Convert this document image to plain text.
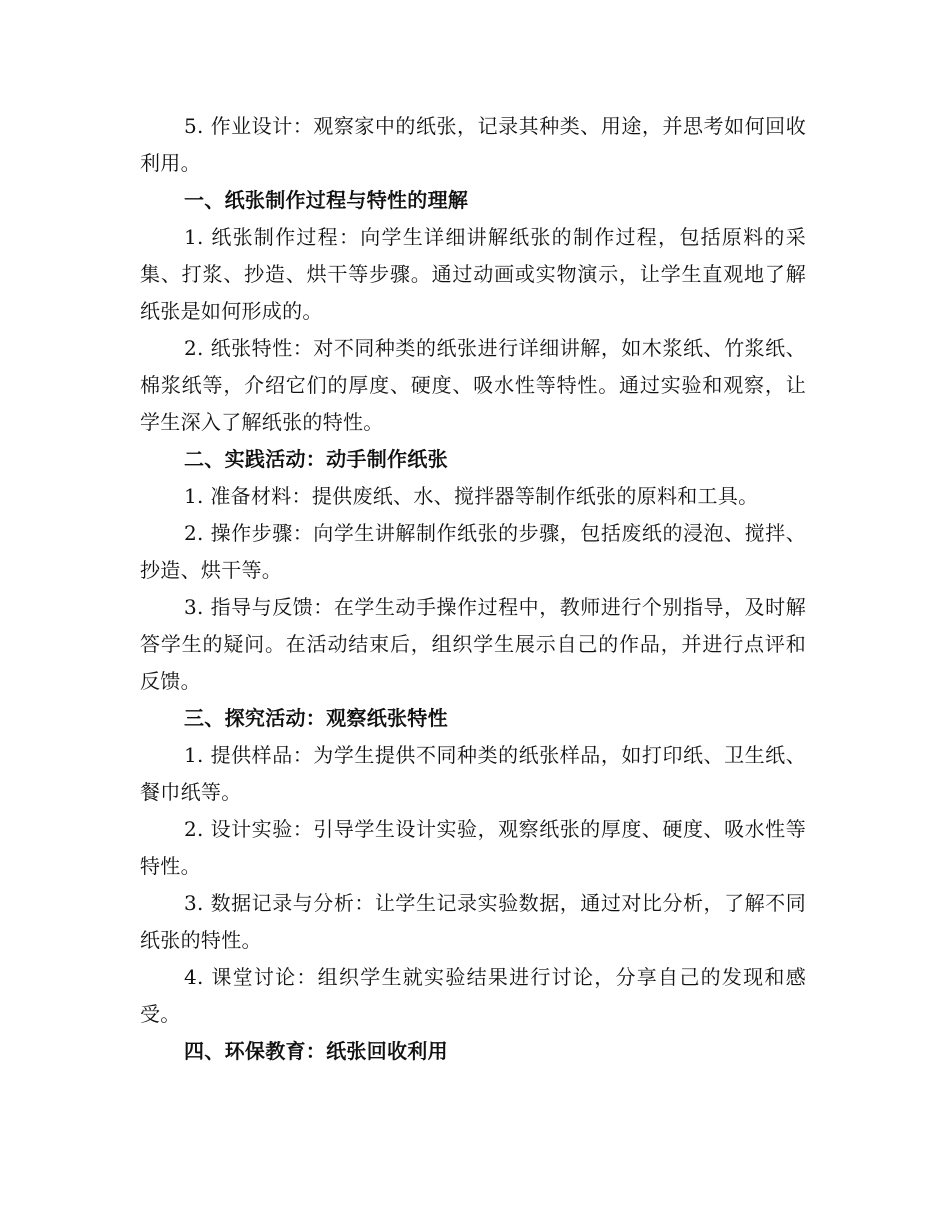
5. 作业设计：观察家中的纸张，记录其种类、用途，并思考如何回收利用。

一、纸张制作过程与特性的理解

1. 纸张制作过程：向学生详细讲解纸张的制作过程，包括原料的采集、打浆、抄造、烘干等步骤。通过动画或实物演示，让学生直观地了解纸张是如何形成的。

2. 纸张特性：对不同种类的纸张进行详细讲解，如木浆纸、竹浆纸、棉浆纸等，介绍它们的厚度、硬度、吸水性等特性。通过实验和观察，让学生深入了解纸张的特性。

二、实践活动：动手制作纸张

1. 准备材料：提供废纸、水、搅拌器等制作纸张的原料和工具。

2. 操作步骤：向学生讲解制作纸张的步骤，包括废纸的浸泡、搅拌、抄造、烘干等。

3. 指导与反馈：在学生动手操作过程中，教师进行个别指导，及时解答学生的疑问。在活动结束后，组织学生展示自己的作品，并进行点评和反馈。

三、探究活动：观察纸张特性

1. 提供样品：为学生提供不同种类的纸张样品，如打印纸、卫生纸、餐巾纸等。

2. 设计实验：引导学生设计实验，观察纸张的厚度、硬度、吸水性等特性。

3. 数据记录与分析：让学生记录实验数据，通过对比分析，了解不同纸张的特性。

4. 课堂讨论：组织学生就实验结果进行讨论，分享自己的发现和感受。

四、环保教育：纸张回收利用
